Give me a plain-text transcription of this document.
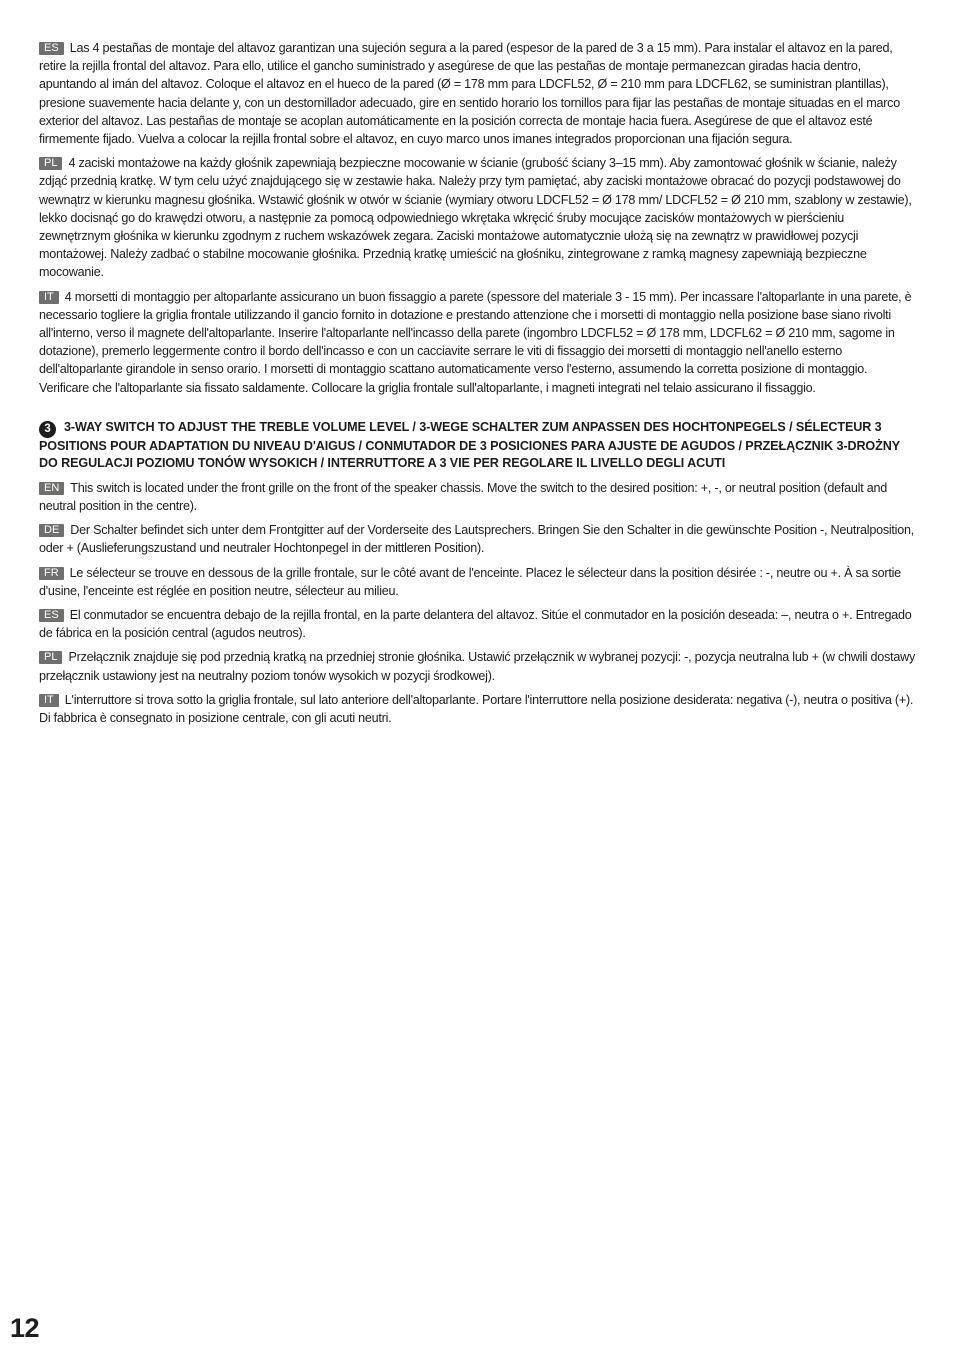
ES Las 4 pestañas de montaje del altavoz garantizan una sujeción segura a la pared (espesor de la pared de 3 a 15 mm). Para instalar el altavoz en la pared, retire la rejilla frontal del altavoz. Para ello, utilice el gancho suministrado y asegúrese de que las pestañas de montaje permanezcan giradas hacia dentro, apuntando al imán del altavoz. Coloque el altavoz en el hueco de la pared (Ø = 178 mm para LDCFL52, Ø = 210 mm para LDCFL62, se suministran plantillas), presione suavemente hacia delante y, con un destornillador adecuado, gire en sentido horario los tornillos para fijar las pestañas de montaje situadas en el marco exterior del altavoz. Las pestañas de montaje se acoplan automáticamente en la posición correcta de montaje hacia fuera. Asegúrese de que el altavoz esté firmemente fijado. Vuelva a colocar la rejilla frontal sobre el altavoz, en cuyo marco unos imanes integrados proporcionan una fijación segura.

PL 4 zaciski montażowe na każdy głośnik zapewniają bezpieczne mocowanie w ścianie (grubość ściany 3–15 mm). Aby zamontować głośnik w ścianie, należy zdjąć przednią kratkę. W tym celu użyć znajdującego się w zestawie haka. Należy przy tym pamiętać, aby zaciski montażowe obracać do pozycji podstawowej do wewnątrz w kierunku magnesu głośnika. Wstawić głośnik w otwór w ścianie (wymiary otworu LDCFL52 = Ø 178 mm/ LDCFL52 = Ø 210 mm, szablony w zestawie), lekko docisnąć go do krawędzi otworu, a następnie za pomocą odpowiedniego wkrętaka wkręcić śruby mocujące zacisków montażowych w pierścieniu zewnętrznym głośnika w kierunku zgodnym z ruchem wskazówek zegara. Zaciski montażowe automatycznie ułożą się na zewnątrz w prawidłowej pozycji montażowej. Należy zadbać o stabilne mocowanie głośnika. Przednią kratkę umieścić na głośniku, zintegrowane z ramką magnesy zapewniają bezpieczne mocowanie.

IT 4 morsetti di montaggio per altoparlante assicurano un buon fissaggio a parete (spessore del materiale 3 - 15 mm). Per incassare l'altoparlante in una parete, è necessario togliere la griglia frontale utilizzando il gancio fornito in dotazione e prestando attenzione che i morsetti di montaggio nella posizione base siano rivolti all'interno, verso il magnete dell'altoparlante. Inserire l'altoparlante nell'incasso della parete (ingombro LDCFL52 = Ø 178 mm, LDCFL62 = Ø 210 mm, sagome in dotazione), premerlo leggermente contro il bordo dell'incasso e con un cacciavite serrare le viti di fissaggio dei morsetti di montaggio nell'anello esterno dell'altoparlante girandole in senso orario. I morsetti di montaggio scattano automaticamente verso l'esterno, assumendo la corretta posizione di montaggio. Verificare che l'altoparlante sia fissato saldamente. Collocare la griglia frontale sull'altoparlante, i magneti integrati nel telaio assicurano il fissaggio.

3 3-WAY SWITCH TO ADJUST THE TREBLE VOLUME LEVEL / 3-WEGE SCHALTER ZUM ANPASSEN DES HOCHTONPEGELS / SÉLECTEUR 3 POSITIONS POUR ADAPTATION DU NIVEAU D'AIGUS / CONMUTADOR DE 3 POSICIONES PARA AJUSTE DE AGUDOS / PRZEŁĄCZNIK 3-DROŻNY DO REGULACJI POZIOMU TONÓW WYSOKICH / INTERRUTTORE A 3 VIE PER REGOLARE IL LIVELLO DEGLI ACUTI

EN This switch is located under the front grille on the front of the speaker chassis. Move the switch to the desired position: +, -, or neutral position (default and neutral position in the centre).

DE Der Schalter befindet sich unter dem Frontgitter auf der Vorderseite des Lautsprechers. Bringen Sie den Schalter in die gewünschte Position -, Neutralposition, oder + (Auslieferungszustand und neutraler Hochtonpegel in der mittleren Position).

FR Le sélecteur se trouve en dessous de la grille frontale, sur le côté avant de l'enceinte. Placez le sélecteur dans la position désirée : -, neutre ou +. À sa sortie d'usine, l'enceinte est réglée en position neutre, sélecteur au milieu.

ES El conmutador se encuentra debajo de la rejilla frontal, en la parte delantera del altavoz. Sitúe el conmutador en la posición deseada: –, neutra o +. Entregado de fábrica en la posición central (agudos neutros).

PL Przełącznik znajduje się pod przednią kratką na przedniej stronie głośnika. Ustawić przełącznik w wybranej pozycji: -, pozycja neutralna lub + (w chwili dostawy przełącznik ustawiony jest na neutralny poziom tonów wysokich w pozycji środkowej).

IT L'interruttore si trova sotto la griglia frontale, sul lato anteriore dell'altoparlante. Portare l'interruttore nella posizione desiderata: negativa (-), neutra o positiva (+). Di fabbrica è consegnato in posizione centrale, con gli acuti neutri.

12
